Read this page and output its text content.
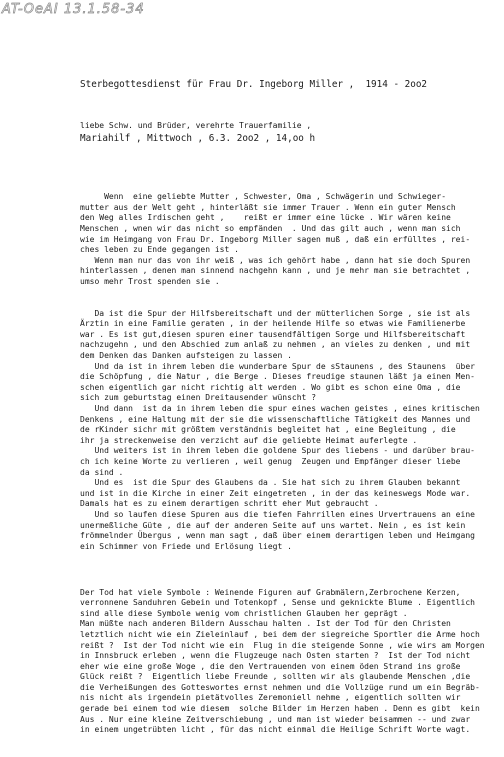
AT-OeAI 13.1.58-34

Sterbegottesdienst für Frau Dr. Ingeborg Miller ,  1914 - 2oo2

Mariahilf , Mittwoch , 6.3. 2oo2 , 14,oo h

liebe Schw. und Brüder, verehrte Trauerfamilie ,

Wenn  eine geliebte Mutter , Schwester, Oma , Schwägerin und Schwieger-
mutter aus der Welt geht , hinterläßt sie immer Trauer . Wenn ein guter Mensch
den Weg alles Irdischen geht ,    reißt er immer eine lücke . Wir wären keine
Menschen , wnen wir das nicht so empfänden  . Und das gilt auch , wenn man sich
wie im Heimgang von Frau Dr. Ingeborg Miller sagen muß , daß ein erfülltes , rei-
ches leben zu Ende gegangen ist .
Wenn man nur das von ihr weiß , was ich gehört habe , dann hat sie doch Spuren
hinterlassen , denen man sinnend nachgehn kann , und je mehr man sie betrachtet ,
umso mehr Trost spenden sie .

Da ist die Spur der Hilfsbereitschaft und der mütterlichen Sorge , sie ist als
Ärztin in eine Familie geraten , in der heilende Hilfe so etwas wie Familienerbe
war . Es ist gut,diesen spuren einer tausendfältigen Sorge und Hilfsbereitschaft
nachzugehn , und den Abschied zum anlaß zu nehmen , an vieles zu denken , und mit
dem Denken das Danken aufsteigen zu lassen .
Und da ist in ihrem leben die wunderbare Spur de sStaunens , des Staunens  über
die Schöpfung , die Natur , die Berge . Dieses freudige staunen läßt ja einen Men-
schen eigentlich gar nicht richtig alt werden . Wo gibt es schon eine Oma , die
sich zum geburtstag einen Dreitausender wünscht ?
Und dann  ist da in ihrem leben die spur eines wachen geistes , eines kritischen
Denkens , eine Haltung mit der sie die wissenschaftliche Tätigkeit des Mannes und
de rKinder sichr mit größtem verständnis begleitet hat , eine Begleitung , die
ihr ja streckenweise den verzicht auf die geliebte Heimat auferlegte .
Und weiters ist in ihrem leben die goldene Spur des liebens - und darüber brau-
ch ich keine Worte zu verlieren , weil genug  Zeugen und Empfänger dieser liebe
da sind .
Und es  ist die Spur des Glaubens da . Sie hat sich zu ihrem Glauben bekannt
und ist in die Kirche in einer Zeit eingetreten , in der das keineswegs Mode war.
Damals hat es zu einem derartigen schritt eher Mut gebraucht .
Und so laufen diese Spuren aus die tiefen Fahrrillen eines Urvertrauens an eine
unermeßliche Güte , die auf der anderen Seite auf uns wartet. Nein , es ist kein
frömmelnder Übergus , wenn man sagt , daß über einem derartigen leben und Heimgang
ein Schimmer von Friede und Erlösung liegt .

Der Tod hat viele Symbole : Weinende Figuren auf Grabmälern,Zerbrochene Kerzen,
verronnene Sanduhren Gebein und Totenkopf , Sense und geknickte Blume . Eigentlich
sind alle diese Symbole wenig vom christlichen Glauben her geprägt .
Man müßte nach anderen Bildern Ausschau halten . Ist der Tod für den Christen
letztlich nicht wie ein Zieleinlauf , bei dem der siegreiche Sportler die Arme hoch
reißt ?  Ist der Tod nicht wie ein  Flug in die steigende Sonne , wie wirs am Morgen
in Innsbruck erleben , wenn die Flugzeuge nach Osten starten ?  Ist der Tod nicht
eher wie eine große Woge , die den Vertrauenden von einem öden Strand ins große
Glück reißt ?  Eigentlich liebe Freunde , sollten wir als glaubende Menschen ,die
die Verheißungen des Gotteswortes ernst nehmen und die Vollzüge rund um ein Begräb-
nis nicht als irgendein pietätvolles Zeremoniell nehme , eigentlich sollten wir
gerade bei einem tod wie diesem  solche Bilder im Herzen haben . Denn es gibt  kein
Aus . Nur eine kleine Zeitverschiebung , und man ist wieder beisammen -- und zwar
in einem ungetrübten licht , für das nicht einmal die Heilige Schrift Worte wagt.
